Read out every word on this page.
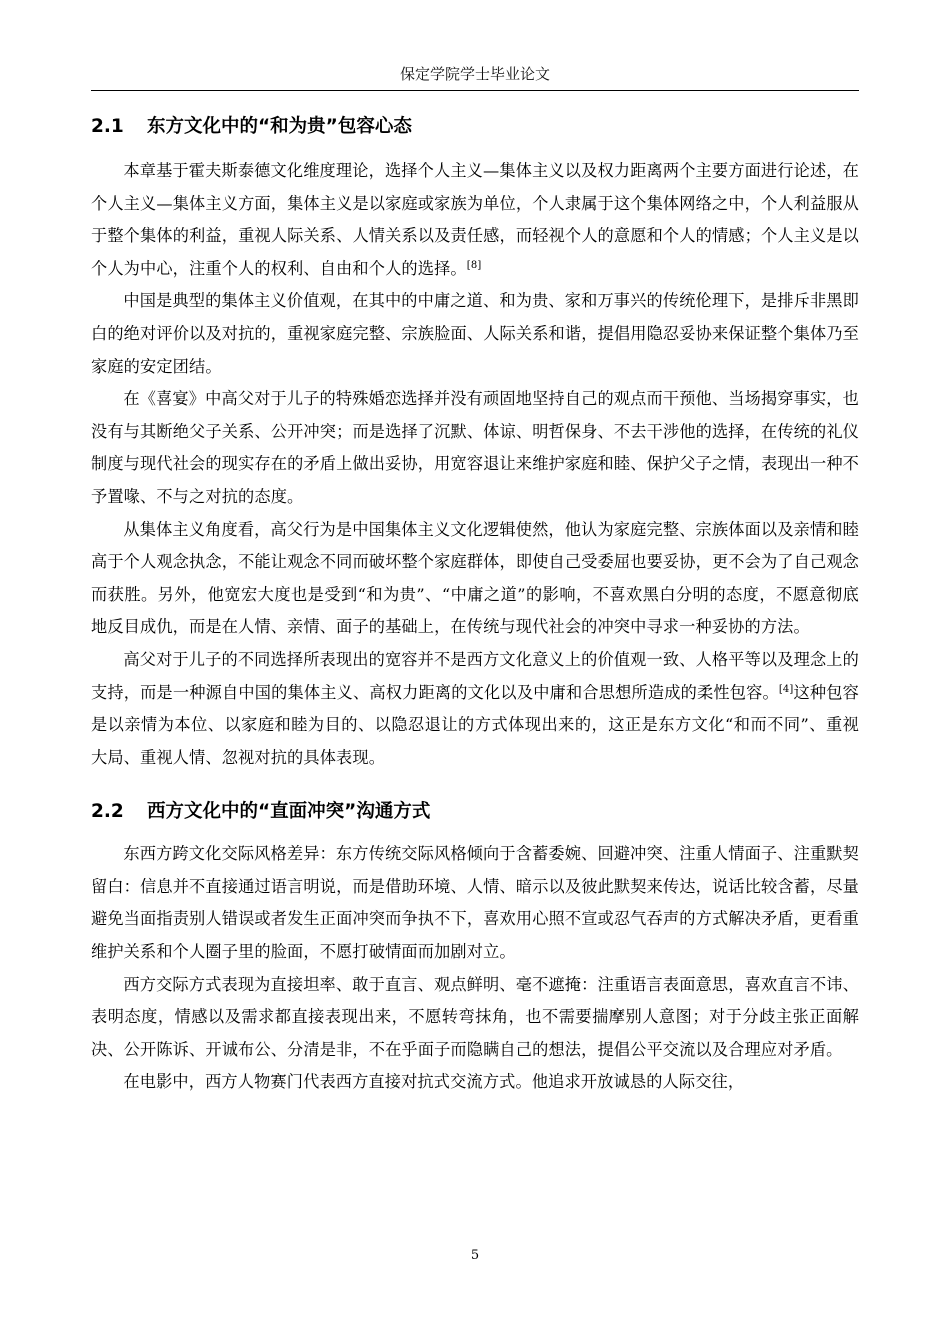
保定学院学士毕业论文
2.1 东方文化中的“和为贵”包容心态

本章基于霍夫斯泰德文化维度理论，选择个人主义—集体主义以及权力距离两个主要方面进行论述，在个人主义—集体主义方面，集体主义是以家庭或家族为单位，个人隶属于这个集体网络之中，个人利益服从于整个集体的利益，重视人际关系、人情关系以及责任感，而轻视个人的意愿和个人的情感；个人主义是以个人为中心，注重个人的权利、自由和个人的选择。[8]

中国是典型的集体主义价值观，在其中的中庸之道、和为贵、家和万事兴的传统伦理下，是排斥非黑即白的绝对评价以及对抗的，重视家庭完整、宗族脸面、人际关系和谐，提倡用隐忍妥协来保证整个集体乃至家庭的安定团结。

在《喜宴》中高父对于儿子的特殊婚恋选择并没有顽固地坚持自己的观点而干预他、当场揭穿事实，也没有与其断绝父子关系、公开冲突；而是选择了沉默、体谅、明哲保身、不去干涉他的选择，在传统的礼仪制度与现代社会的现实存在的矛盾上做出妥协，用宽容退让来维护家庭和睦、保护父子之情，表现出一种不予置喙、不与之对抗的态度。

从集体主义角度看，高父行为是中国集体主义文化逻辑使然，他认为家庭完整、宗族体面以及亲情和睦高于个人观念执念，不能让观念不同而破坏整个家庭群体，即使自己受委屈也要妥协，更不会为了自己观念而获胜。另外，他宽宏大度也是受到“和为贵”、“中庸之道”的影响，不喜欢黑白分明的态度，不愿意彻底地反目成仇，而是在人情、亲情、面子的基础上，在传统与现代社会的冲突中寻求一种妥协的方法。

高父对于儿子的不同选择所表现出的宽容并不是西方文化意义上的价值观一致、人格平等以及理念上的支持，而是一种源自中国的集体主义、高权力距离的文化以及中庸和合思想所造成的柔性包容。[4]这种包容是以亲情为本位、以家庭和睦为目的、以隐忍退让的方式体现出来的，这正是东方文化“和而不同”、重视大局、重视人情、忽视对抗的具体表现。

2.2 西方文化中的“直面冲突”沟通方式

东西方跨文化交际风格差异：东方传统交际风格倾向于含蓄委婉、回避冲突、注重人情面子、注重默契留白：信息并不直接通过语言明说，而是借助环境、人情、暗示以及彼此默契来传达，说话比较含蓄，尽量避免当面指责别人错误或者发生正面冲突而争执不下，喜欢用心照不宣或忍气吞声的方式解决矛盾，更看重维护关系和个人圈子里的脸面，不愿打破情面而加剧对立。

西方交际方式表现为直接坦率、敢于直言、观点鲜明、毫不遮掩：注重语言表面意思，喜欢直言不讳、表明态度，情感以及需求都直接表现出来，不愿转弯抹角，也不需要揣摩别人意图；对于分歧主张正面解决、公开陈诉、开诚布公、分清是非，不在乎面子而隐瞒自己的想法，提倡公平交流以及合理应对矛盾。

在电影中，西方人物赛门代表西方直接对抗式交流方式。他追求开放诚恳的人际交往，

5
